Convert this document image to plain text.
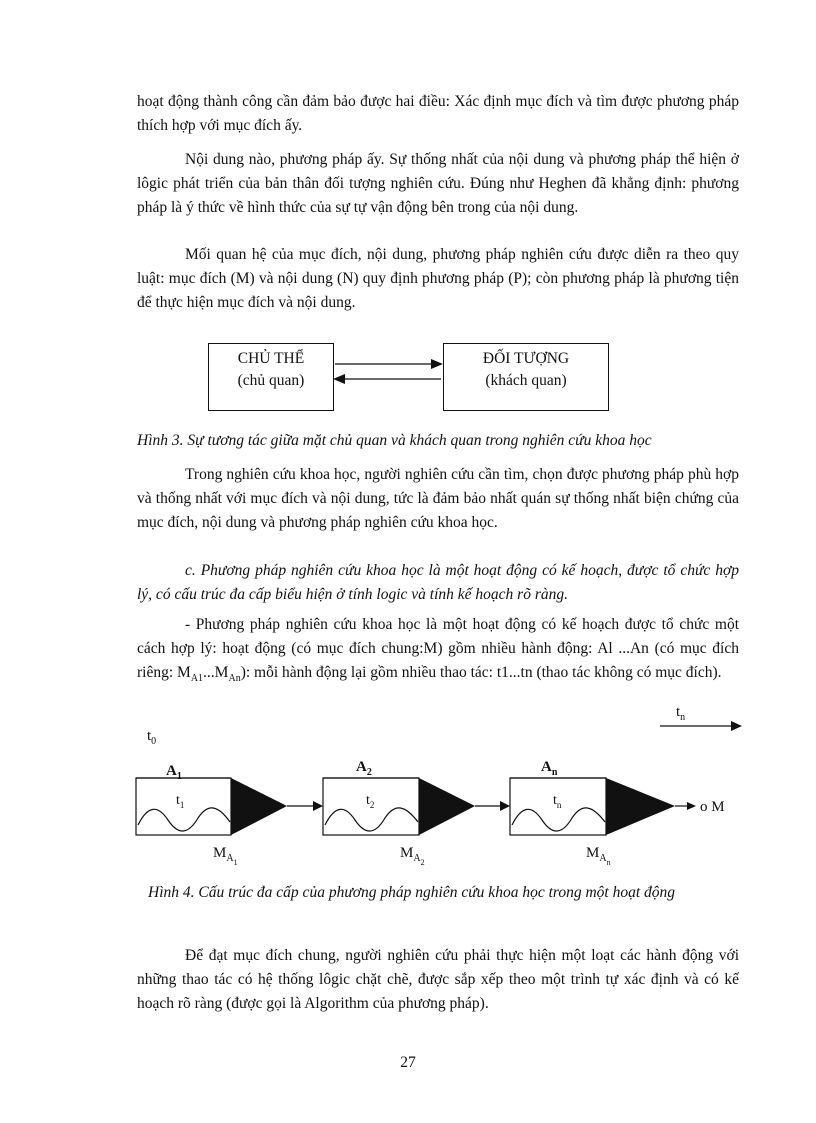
hoạt động thành công cần đảm bảo được hai điều: Xác định mục đích và tìm được phương pháp thích hợp với mục đích ấy.

Nội dung nào, phương pháp ấy. Sự thống nhất của nội dung và phương pháp thể hiện ở lôgic phát triển của bản thân đối tượng nghiên cứu. Đúng như Heghen đã khẳng định: phương pháp là ý thức về hình thức của sự tự vận động bên trong của nội dung.

Mối quan hệ của mục đích, nội dung, phương pháp nghiên cứu được diễn ra theo quy luật: mục đích (M) và nội dung (N) quy định phương pháp (P); còn phương pháp là phương tiện để thực hiện mục đích và nội dung.

CHỦ THỂ
(chủ quan)
ĐỐI TƯỢNG
(khách quan)

Hình 3. Sự tương tác giữa mặt chủ quan và khách quan trong nghiên cứu khoa học

Trong nghiên cứu khoa học, người nghiên cứu cần tìm, chọn được phương pháp phù hợp và thống nhất với mục đích và nội dung, tức là đảm bảo nhất quán sự thống nhất biện chứng của mục đích, nội dung và phương pháp nghiên cứu khoa học.

c. Phương pháp nghiên cứu khoa học là một hoạt động có kế hoạch, được tổ chức hợp lý, có cấu trúc đa cấp biểu hiện ở tính logic và tính kế hoạch rõ ràng.

- Phương pháp nghiên cứu khoa học là một hoạt động có kế hoạch được tổ chức một cách hợp lý: hoạt động (có mục đích chung:M) gồm nhiều hành động: Al ...An (có mục đích riêng: $M_{A1}...M_{An}$): mỗi hành động lại gồm nhiều thao tác: t1...tn (thao tác không có mục đích).

$t_n$
$t_0$
$A_1$
$t_1$
$M_{A1}$
$A_2$
$t_2$
$M_{A2}$
$A_n$
$t_n$
$M_{An}$
o M

Hình 4. Cấu trúc đa cấp của phương pháp nghiên cứu khoa học trong một hoạt động

Để đạt mục đích chung, người nghiên cứu phải thực hiện một loạt các hành động với những thao tác có hệ thống lôgic chặt chẽ, được sắp xếp theo một trình tự xác định và có kế hoạch rõ ràng (được gọi là Algorithm của phương pháp).

27
